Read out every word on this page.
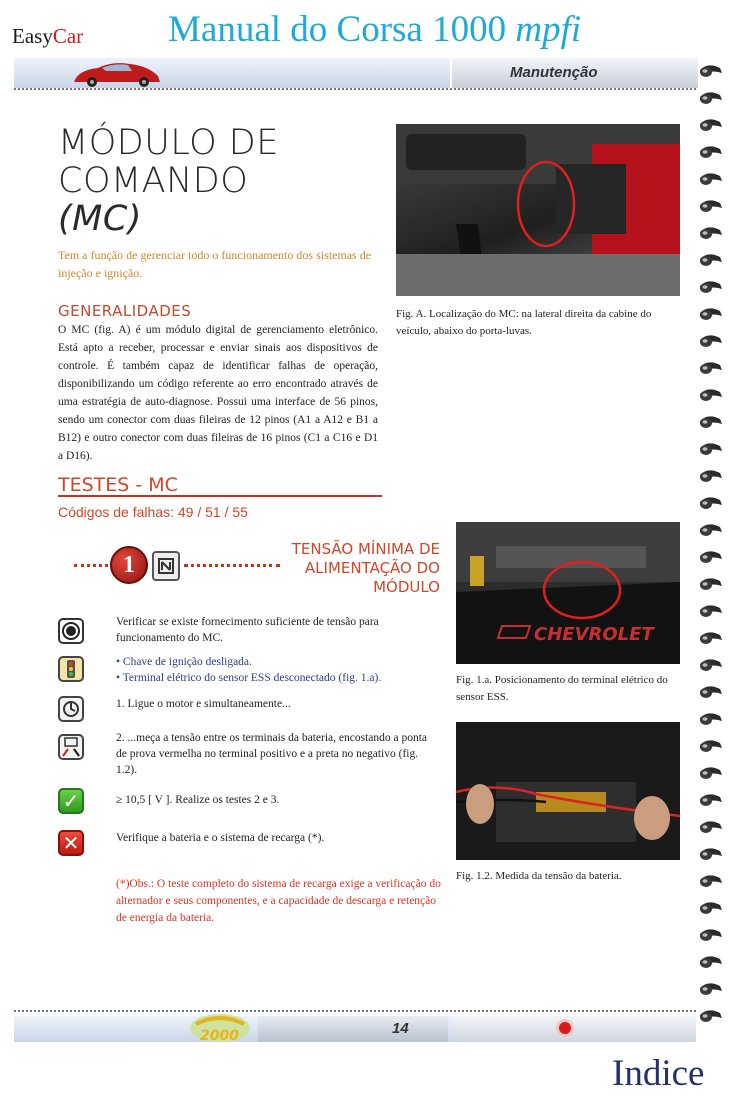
EasyCar Manual do Corsa 1000 mpfi
Manutenção
MÓDULO DE
COMANDO
(MC)
Tem a função de gerenciar todo o funcionamento dos sistemas de injeção e ignição.
GENERALIDADES
O MC (fig. A) é um módulo digital de gerenciamento eletrônico. Está apto a receber, processar e enviar sinais aos dispositivos de controle. É também capaz de identificar falhas de operação, disponibilizando um código referente ao erro encontrado através de uma estratégia de auto-diagnose. Possui uma interface de 56 pinos, sendo um conector com duas fileiras de 12 pinos (A1 a A12 e B1 a B12) e outro conector com duas fileiras de 16 pinos (C1 a C16 e D1 a D16).
TESTES - MC
Códigos de falhas: 49 / 51 / 55
1
TENSÃO MÍNIMA DE
ALIMENTAÇÃO DO
MÓDULO
Verificar se existe fornecimento suficiente de tensão para funcionamento do MC.
• Chave de ignição desligada.
• Terminal elétrico do sensor ESS desconectado (fig. 1.a).
1. Ligue o motor e simultaneamente...
2. ...meça a tensão entre os terminais da bateria, encostando a ponta de prova vermelha no terminal positivo e a preta no negativo (fig. 1.2).
✓	≥ 10,5 [ V ]. Realize os testes 2 e 3.
✕	Verifique a bateria e o sistema de recarga (*).
(*)Obs.: O teste completo do sistema de recarga exige a verificação do alternador e seus componentes, e a capacidade de descarga e retenção de energia da bateria.
Fig. A. Localização do MC: na lateral direita da cabine do veículo, abaixo do porta-luvas.
CHEVROLET
Fig. 1.a. Posicionamento do terminal elétrico do sensor ESS.
Fig. 1.2. Medida da tensão da bateria.
14
2000
Indice
